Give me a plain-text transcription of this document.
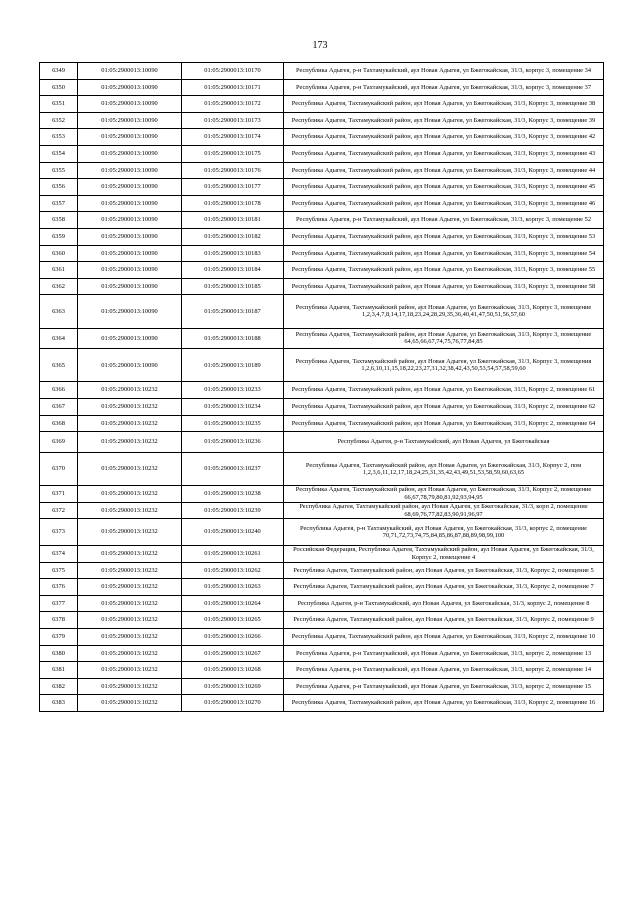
173
6349	01:05:2900013:10090	01:05:2900013:10170	Республика Адыгея, р-н Тахтамукайский, аул Новая Адыгея, ул Бжегокайская, 31/3, корпус 3, помещение 34
6350	01:05:2900013:10090	01:05:2900013:10171	Республика Адыгея, р-н Тахтамукайский, аул Новая Адыгея, ул Бжегокайская, 31/3, корпус 3, помещение 37
6351	01:05:2900013:10090	01:05:2900013:10172	Республика Адыгея, Тахтамукайский район, аул Новая Адыгея, ул Бжегокайская, 31/3, Корпус 3, помещение 38
6352	01:05:2900013:10090	01:05:2900013:10173	Республика Адыгея, Тахтамукайский район, аул Новая Адыгея, ул Бжегокайская, 31/3, Корпус 3, помещение 39
6353	01:05:2900013:10090	01:05:2900013:10174	Республика Адыгея, Тахтамукайский район, аул Новая Адыгея, ул Бжегокайская, 31/3, Корпус 3, помещение 42
6354	01:05:2900013:10090	01:05:2900013:10175	Республика Адыгея, Тахтамукайский район, аул Новая Адыгея, ул Бжегокайская, 31/3, Корпус 3, помещение 43
6355	01:05:2900013:10090	01:05:2900013:10176	Республика Адыгея, Тахтамукайский район, аул Новая Адыгея, ул Бжегокайская, 31/3, Корпус 3, помещение 44
6356	01:05:2900013:10090	01:05:2900013:10177	Республика Адыгея, Тахтамукайский район, аул Новая Адыгея, ул Бжегокайская, 31/3, Корпус 3, помещение 45
6357	01:05:2900013:10090	01:05:2900013:10178	Республика Адыгея, Тахтамукайский район, аул Новая Адыгея, ул Бжегокайская, 31/3, Корпус 3, помещение 46
6358	01:05:2900013:10090	01:05:2900013:10181	Республика Адыгея, р-н Тахтамукайский, аул Новая Адыгея, ул Бжегокайская, 31/3, корпус 3, помещение 52
6359	01:05:2900013:10090	01:05:2900013:10182	Республика Адыгея, Тахтамукайский район, аул Новая Адыгея, ул Бжегокайская, 31/3, Корпус 3, помещение 53
6360	01:05:2900013:10090	01:05:2900013:10183	Республика Адыгея, Тахтамукайский район, аул Новая Адыгея, ул Бжегокайская, 31/3, Корпус 3, помещение 54
6361	01:05:2900013:10090	01:05:2900013:10184	Республика Адыгея, Тахтамукайский район, аул Новая Адыгея, ул Бжегокайская, 31/3, Корпус 3, помещение 55
6362	01:05:2900013:10090	01:05:2900013:10185	Республика Адыгея, Тахтамукайский район, аул Новая Адыгея, ул Бжегокайская, 31/3, Корпус 3, помещение 58
6363	01:05:2900013:10090	01:05:2900013:10187	Республика Адыгея, Тахтамукайский район, аул Новая Адыгея, ул Бжегокайская, 31/3, Корпус 3, помещение 1,2,3,4,7,8,14,17,18,23,24,28,29,35,36,40,41,47,50,51,56,57,60
6364	01:05:2900013:10090	01:05:2900013:10188	Республика Адыгея, Тахтамукайский район, аул Новая Адыгея, ул Бжегокайская, 31/3, Корпус 3, помещение 64,65,66,67,74,75,76,77,84,85
6365	01:05:2900013:10090	01:05:2900013:10189	Республика Адыгея, Тахтамукайский район, аул Новая Адыгея, ул Бжегокайская, 31/3, Корпус 3, помещения 1,2,6,10,11,15,18,22,23,27,31,32,38,42,43,50,53,54,57,58,59,60
6366	01:05:2900013:10232	01:05:2900013:10233	Республика Адыгея, Тахтамукайский район, аул Новая Адыгея, ул Бжегокайская, 31/3, Корпус 2, помещение 61
6367	01:05:2900013:10232	01:05:2900013:10234	Республика Адыгея, Тахтамукайский район, аул Новая Адыгея, ул Бжегокайская, 31/3, Корпус 2, помещение 62
6368	01:05:2900013:10232	01:05:2900013:10235	Республика Адыгея, Тахтамукайский район, аул Новая Адыгея, ул Бжегокайская, 31/3, Корпус 2, помещение 64
6369	01:05:2900013:10232	01:05:2900013:10236	Республика Адыгея, р-н Тахтамукайский, аул Новая Адыгея, ул Бжегокайская
6370	01:05:2900013:10232	01:05:2900013:10237	Республика Адыгея, Тахтамукайский район, аул Новая Адыгея, ул Бжегокайская, 31/3, Корпус 2, пом 1,2,3,6,11,12,17,18,24,25,31,35,42,43,49,51,53,58,59,60,63,65
6371	01:05:2900013:10232	01:05:2900013:10238	Республика Адыгея, Тахтамукайский район, аул Новая Адыгея, ул Бжегокайская, 31/3, Корпус 2, помещение 66,67,78,79,80,81,92,93,94,95
6372	01:05:2900013:10232	01:05:2900013:10239	Республика Адыгея, Тахтамукайский район, аул Новая Адыгея, ул Бжегокайская, 31/3, корп 2, помещение 68,69,76,77,82,83,90,91,96,97
6373	01:05:2900013:10232	01:05:2900013:10240	Республика Адыгея, р-н Тахтамукайский, аул Новая Адыгея, ул Бжегокайская, 31/3, корпус 2, помещение 70,71,72,73,74,75,84,85,86,87,88,89,98,99,100
6374	01:05:2900013:10232	01:05:2900013:10261	Российская Федерация, Республика Адыгея, Тахтамукайский район, аул Новая Адыгея, ул Бжегокайская, 31/3, Корпус 2, помещение 4
6375	01:05:2900013:10232	01:05:2900013:10262	Республика Адыгея, Тахтамукайский район, аул Новая Адыгея, ул Бжегокайская, 31/3, Корпус 2, помещение 5
6376	01:05:2900013:10232	01:05:2900013:10263	Республика Адыгея, Тахтамукайский район, аул Новая Адыгея, ул Бжегокайская, 31/3, Корпус 2, помещение 7
6377	01:05:2900013:10232	01:05:2900013:10264	Республика Адыгея, р-н Тахтамукайский, аул Новая Адыгея, ул Бжегокайская, 31/3, корпус 2, помещение 8
6378	01:05:2900013:10232	01:05:2900013:10265	Республика Адыгея, Тахтамукайский район, аул Новая Адыгея, ул Бжегокайская, 31/3, Корпус 2, помещение 9
6379	01:05:2900013:10232	01:05:2900013:10266	Республика Адыгея, Тахтамукайский район, аул Новая Адыгея, ул Бжегокайская, 31/3, Корпус 2, помещение 10
6380	01:05:2900013:10232	01:05:2900013:10267	Республика Адыгея, р-н Тахтамукайский, аул Новая Адыгея, ул Бжегокайская, 31/3, корпус 2, помещение 13
6381	01:05:2900013:10232	01:05:2900013:10268	Республика Адыгея, р-н Тахтамукайский, аул Новая Адыгея, ул Бжегокайская, 31/3, корпус 2, помещение 14
6382	01:05:2900013:10232	01:05:2900013:10269	Республика Адыгея, р-н Тахтамукайский, аул Новая Адыгея, ул Бжегокайская, 31/3, корпус 2, помещение 15
6383	01:05:2900013:10232	01:05:2900013:10270	Республика Адыгея, Тахтамукайский район, аул Новая Адыгея, ул Бжегокайская, 31/3, Корпус 2, помещение 16
